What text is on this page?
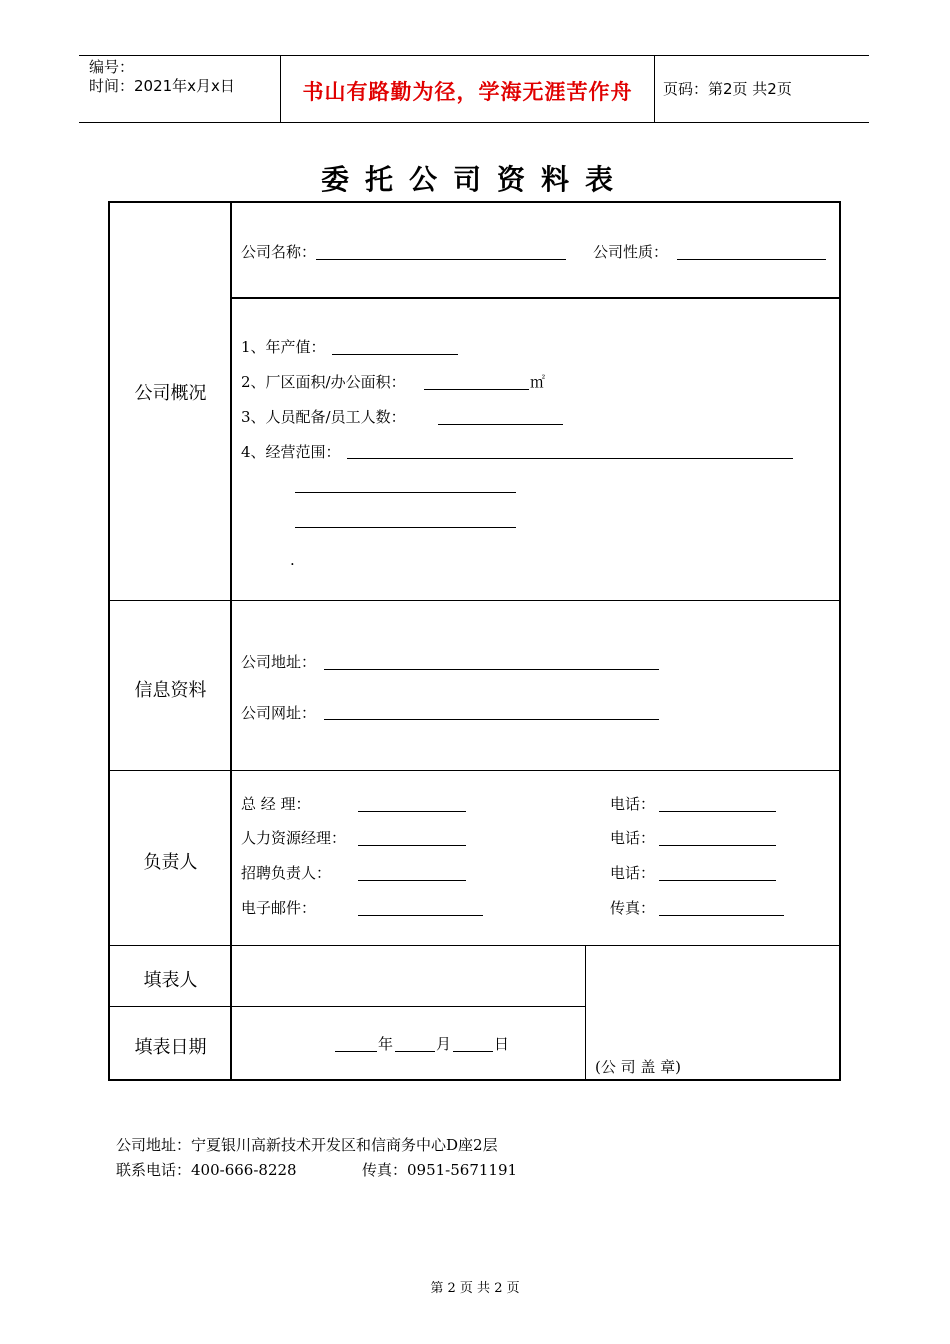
编号：
时间：2021年x月x日	书山有路勤为径，学海无涯苦作舟	页码：第2页 共2页
委托公司资料表
公司概况
公司名称：	公司性质：
1、年产值：
2、厂区面积/办公面积：	㎡
3、人员配备/员工人数：
4、经营范围：
.
信息资料
公司地址：
公司网址：
负责人
总 经 理：	电话：
人力资源经理：	电话：
招聘负责人：	电话：
电子邮件：	传真：
填表人
填表日期	年	月	日
(公 司 盖 章)
公司地址：宁夏银川高新技术开发区和信商务中心D座2层
联系电话：400-666-8228	传真：0951-5671191
第 2 页 共 2 页
